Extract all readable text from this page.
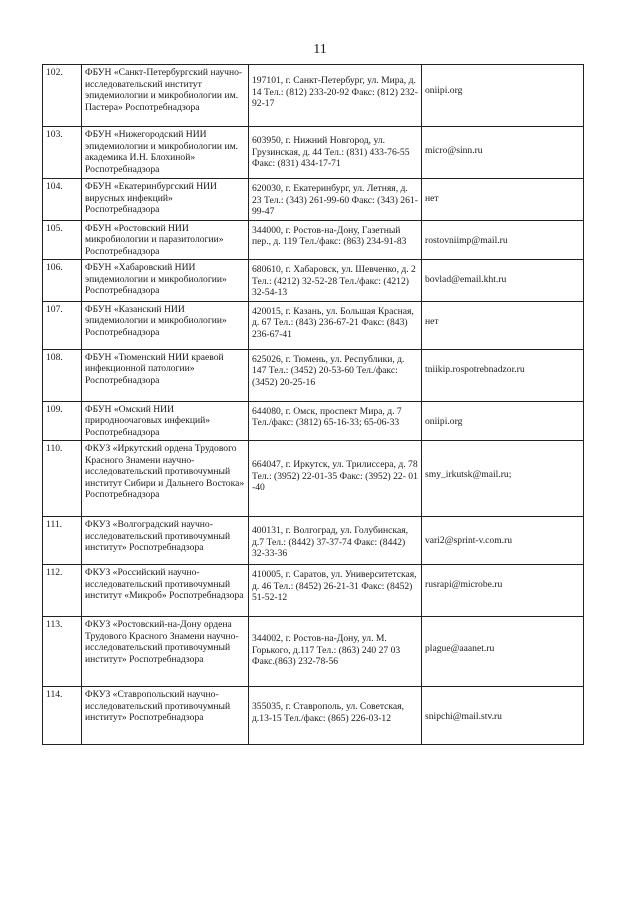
11
102.	ФБУН «Санкт-Петербургский научно-исследовательский институт эпидемиологии и микробиологии им. Пастера» Роспотребнадзора	197101, г. Санкт-Петербург, ул. Мира, д. 14 Тел.: (812) 233-20-92 Факс: (812) 232-92-17	oniipi.org

103.	ФБУН «Нижегородский НИИ эпидемиологии и микробиологии им. академика И.Н. Блохиной» Роспотребнадзора	603950, г. Нижний Новгород, ул. Грузинская, д. 44 Тел.: (831) 433-76-55 Факс: (831) 434-17-71	micro@sinn.ru

104.	ФБУН «Екатеринбургский НИИ вирусных инфекций» Роспотребнадзора	620030, г. Екатеринбург, ул. Летняя, д. 23 Тел.: (343) 261-99-60 Факс: (343) 261-99-47	нет

105.	ФБУН «Ростовский НИИ микробиологии и паразитологии» Роспотребнадзора	344000, г. Ростов-на-Дону, Газетный пер., д. 119 Тел./факс: (863) 234-91-83	rostovniimp@mail.ru

106.	ФБУН «Хабаровский НИИ эпидемиологии и микробиологии» Роспотребнадзора	680610, г. Хабаровск, ул. Шевченко, д. 2 Тел.: (4212) 32-52-28 Тел./факс: (4212) 32-54-13	bovlad@email.kht.ru

107.	ФБУН «Казанский НИИ эпидемиологии и микробиологии» Роспотребнадзора	420015, г. Казань, ул. Большая Красная, д. 67 Тел.: (843) 236-67-21 Факс: (843) 236-67-41	нет

108.	ФБУН «Тюменский НИИ краевой инфекционной патологии» Роспотребнадзора	625026, г. Тюмень, ул. Республики, д. 147 Тел.: (3452) 20-53-60 Тел./факс: (3452) 20-25-16	tniikip.rospotrebnadzor.ru

109.	ФБУН «Омский НИИ природноочаговых инфекций» Роспотребнадзора	644080, г. Омск, проспект Мира, д. 7 Тел./факс: (3812) 65-16-33; 65-06-33	oniipi.org

110.	ФКУЗ «Иркутский ордена Трудового Красного Знамени научно-исследовательский противочумный институт Сибири и Дальнего Востока» Роспотребнадзора	664047, г. Иркутск, ул. Трилиссера, д. 78 Тел.: (3952) 22-01-35 Факс: (3952) 22- 01 -40	smy_irkutsk@mail.ru;

111.	ФКУЗ «Волгоградский научно-исследовательский противочумный институт» Роспотребнадзора	400131, г. Волгоград, ул. Голубинская, д.7 Тел.: (8442) 37-37-74 Факс: (8442) 32-33-36	vari2@sprint-v.com.ru

112.	ФКУЗ «Российский научно-исследовательский противочумный институт «Микроб» Роспотребнадзора	410005, г. Саратов, ул. Университетская, д. 46 Тел.: (8452) 26-21-31 Факс: (8452) 51-52-12	rusrapi@microbe.ru

113.	ФКУЗ «Ростовский-на-Дону ордена Трудового Красного Знамени научно-исследовательский противочумный институт» Роспотребнадзора	344002, г. Ростов-на-Дону, ул. М. Горького, д.117 Тел.: (863) 240 27 03 Факс.(863) 232-78-56	plague@aaanet.ru

114.	ФКУЗ «Ставропольский научно-исследовательский противочумный институт» Роспотребнадзора	355035, г. Ставрополь, ул. Советская, д.13-15 Тел./факс: (865) 226-03-12	snipchi@mail.stv.ru
